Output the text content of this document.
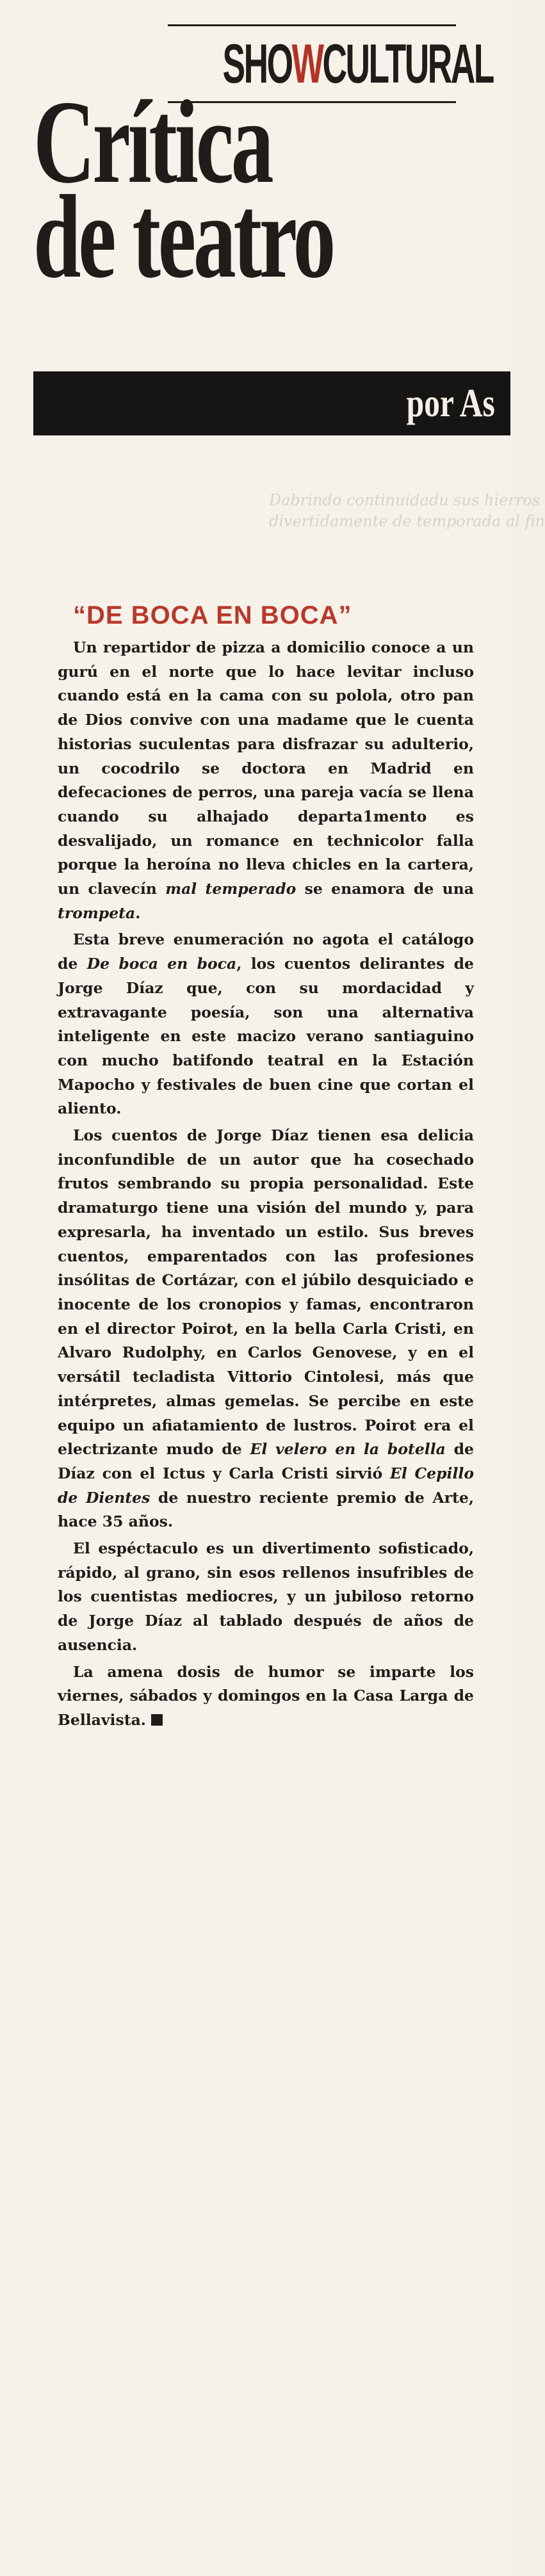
SHOWCULTURAL
Crítica
de teatro
por As
Dabrindo continuidadu sus hierros
divertidamente de temporada al fin
“DE BOCA EN BOCA”

Un repartidor de pizza a domicilio conoce a un gurú en el norte que lo hace levitar incluso cuando está en la cama con su polola, otro pan de Dios convive con una madame que le cuenta historias suculentas para disfrazar su adulterio, un cocodrilo se doctora en Madrid en defecaciones de perros, una pareja vacía se llena cuando su alhajado departa1mento es desvalijado, un romance en technicolor falla porque la heroína no lleva chicles en la cartera, un clavecín mal temperado se enamora de una trompeta.

Esta breve enumeración no agota el catálogo de De boca en boca, los cuentos delirantes de Jorge Díaz que, con su mordacidad y extravagante poesía, son una alternativa inteligente en este macizo verano santiaguino con mucho batifondo teatral en la Estación Mapocho y festivales de buen cine que cortan el aliento.

Los cuentos de Jorge Díaz tienen esa delicia inconfundible de un autor que ha cosechado frutos sembrando su propia personalidad. Este dramaturgo tiene una visión del mundo y, para expresarla, ha inventado un estilo. Sus breves cuentos, emparentados con las profesiones insólitas de Cortázar, con el júbilo desquiciado e inocente de los cronopios y famas, encontraron en el director Poirot, en la bella Carla Cristi, en Alvaro Rudolphy, en Carlos Genovese, y en el versátil tecladista Vittorio Cintolesi, más que intérpretes, almas gemelas. Se percibe en este equipo un afiatamiento de lustros. Poirot era el electrizante mudo de El velero en la botella de Díaz con el Ictus y Carla Cristi sirvió El Cepillo de Dientes de nuestro reciente premio de Arte, hace 35 años.

El espéctaculo es un divertimento sofisticado, rápido, al grano, sin esos rellenos insufribles de los cuentistas mediocres, y un jubiloso retorno de Jorge Díaz al tablado después de años de ausencia.

La amena dosis de humor se imparte los viernes, sábados y domingos en la Casa Larga de Bellavista.
